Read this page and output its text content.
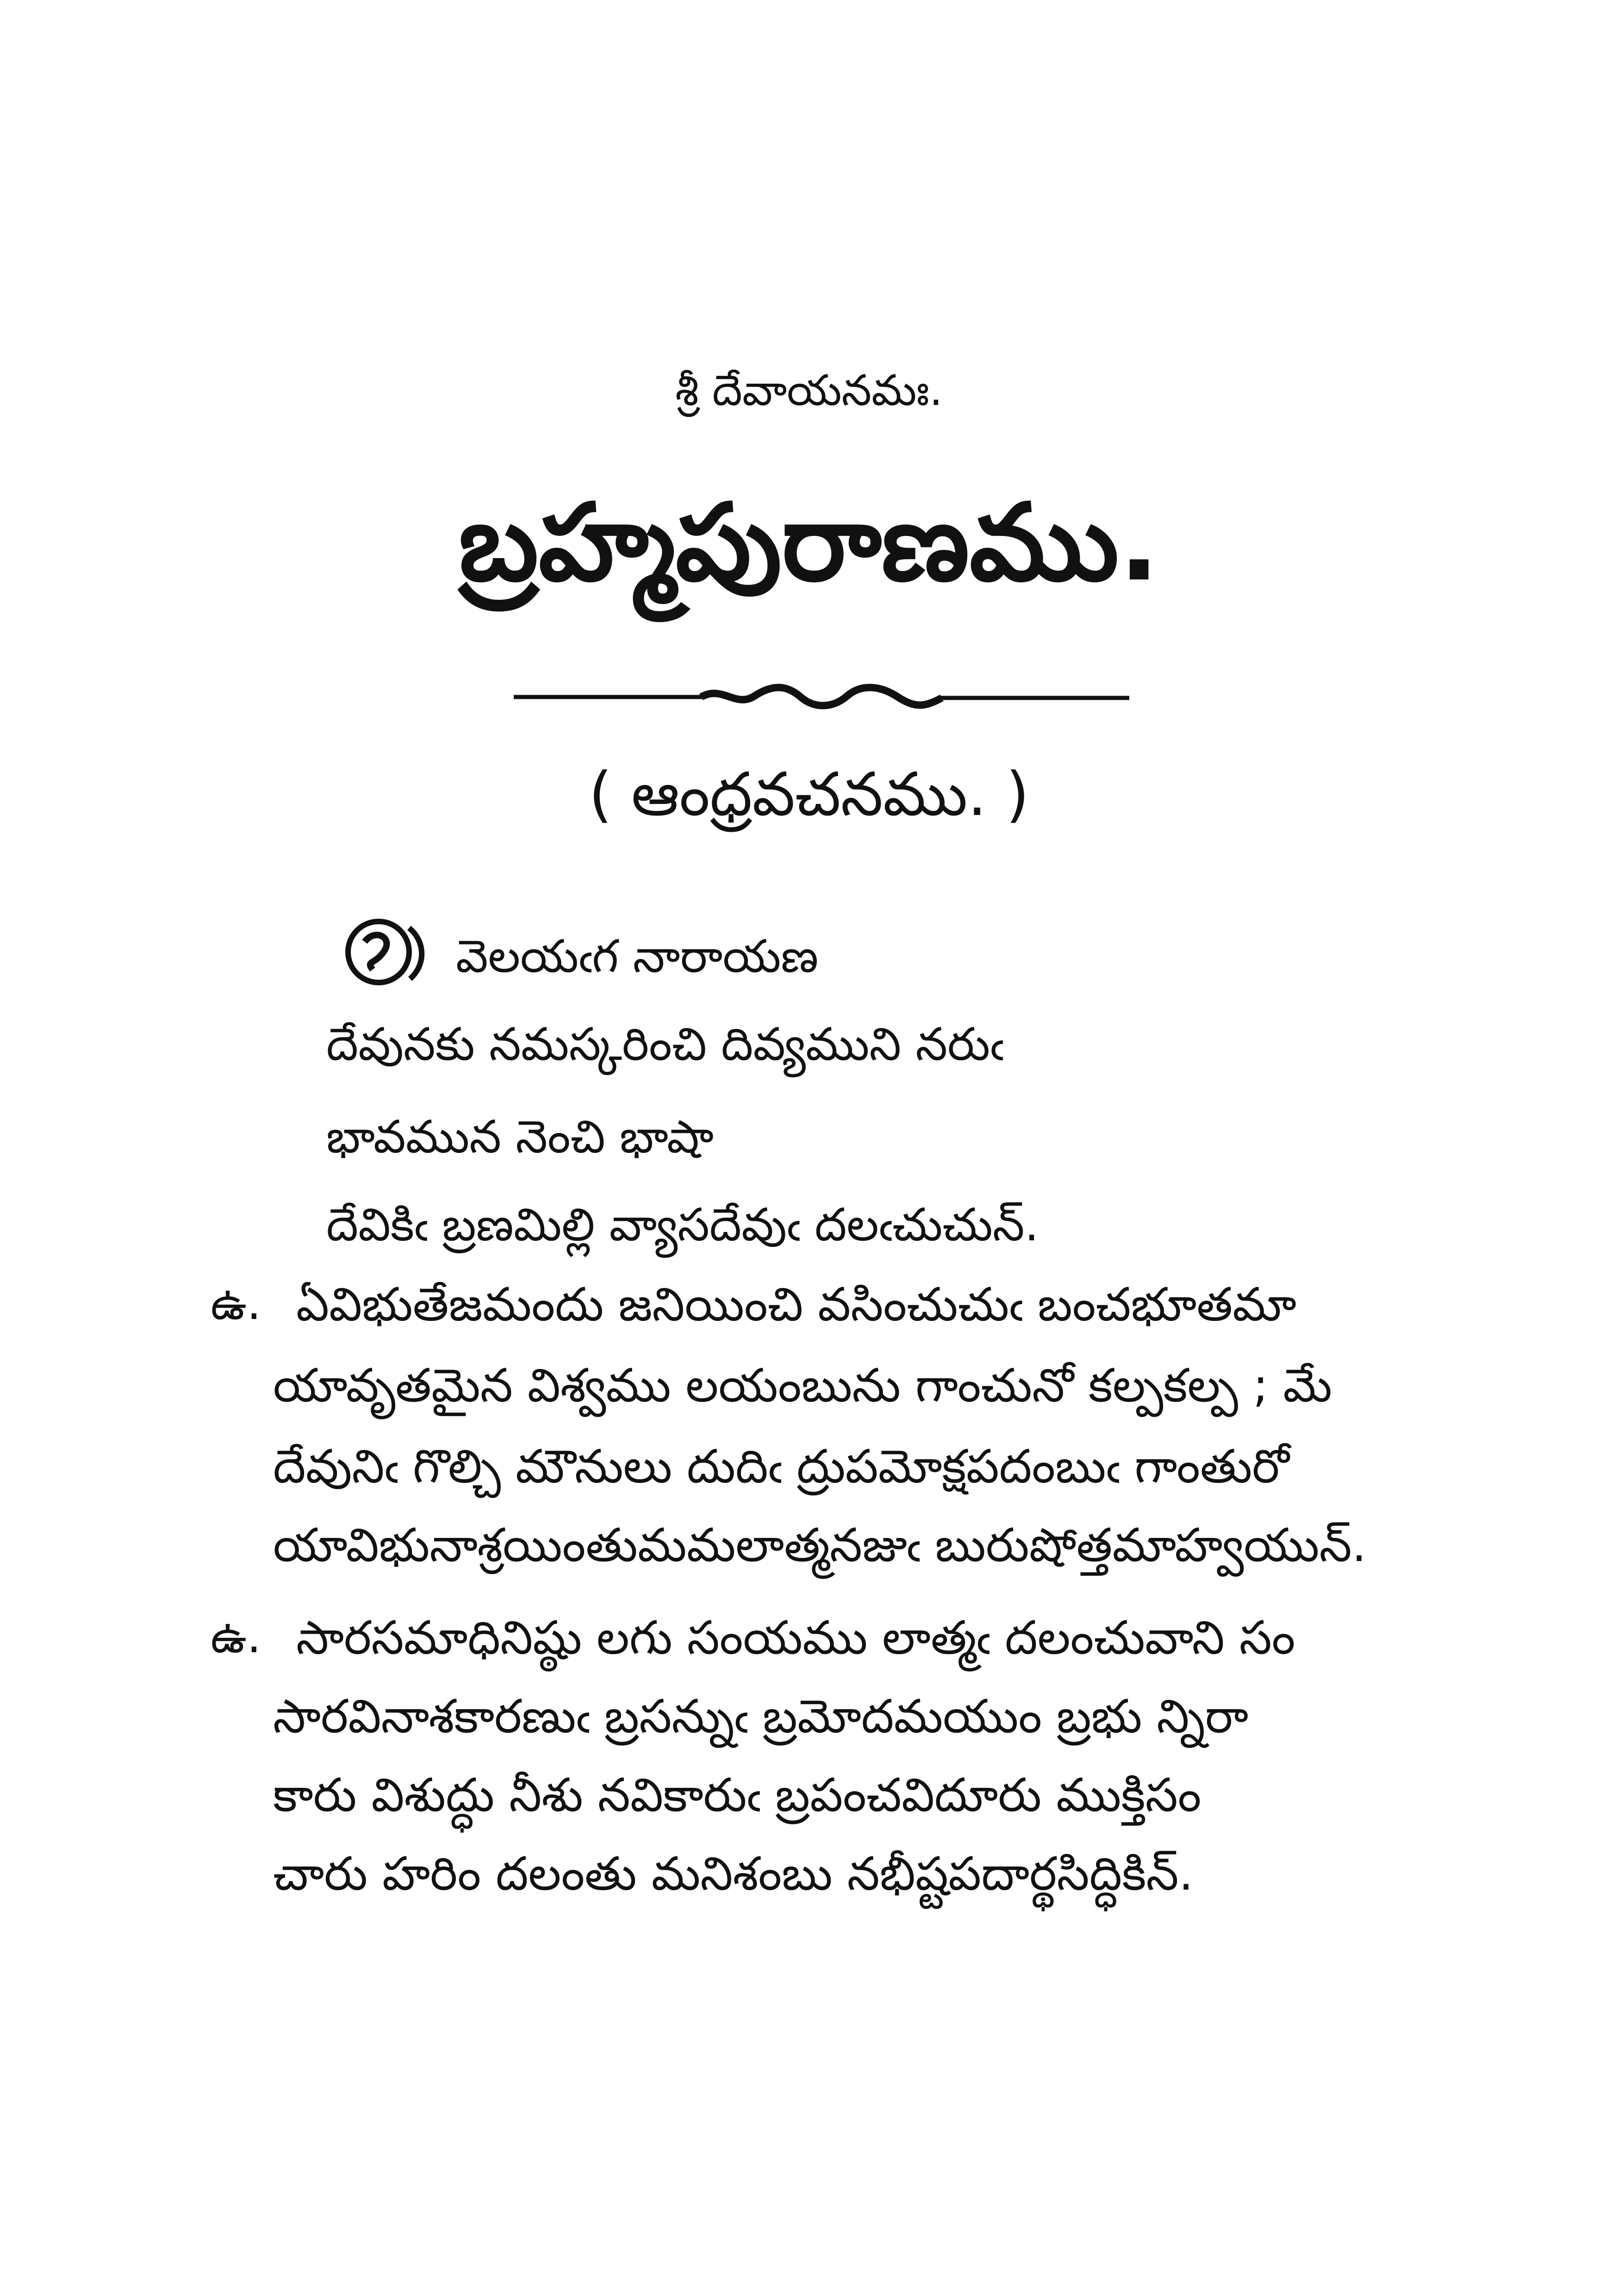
శ్రీ దేవాయనమః.
బ్రహ్మపురాణము.
( ఆంధ్రవచనము. )
వెలయఁగ నారాయణ
దేవునకు నమస్కరించి దివ్యముని నరుఁ
భావమున నెంచి భాషా
దేవికిఁ బ్రణమిల్లి వ్యాసదేవుఁ దలఁచుచున్.
ఉ. ఏవిభుతేజమందు జనియించి వసించుచుఁ బంచభూతమా
యావృతమైన విశ్వము లయంబును గాంచునో కల్పకల్ప ; మే
దేవునిఁ గొల్చి మౌనులు దుదిఁ ద్రుపమోక్షపదంబుఁ గాంతురో
యావిభునాశ్రయింతుమమలాత్మనజుఁ బురుషోత్తమాహ్వయున్.
ఉ. సారసమాధినిష్ఠు లగు సంయము లాత్మఁ దలంచువాని సం
సారవినాశకారణుఁ బ్రసన్నుఁ బ్రమోదమయుం బ్రభు న్నిరా
కారు విశుద్ధు నీశు నవికారుఁ బ్రపంచవిదూరు ముక్తిసం
చారు హరిం దలంతు మనిశంబు నభీష్టపదార్థసిద్ధికిన్.
